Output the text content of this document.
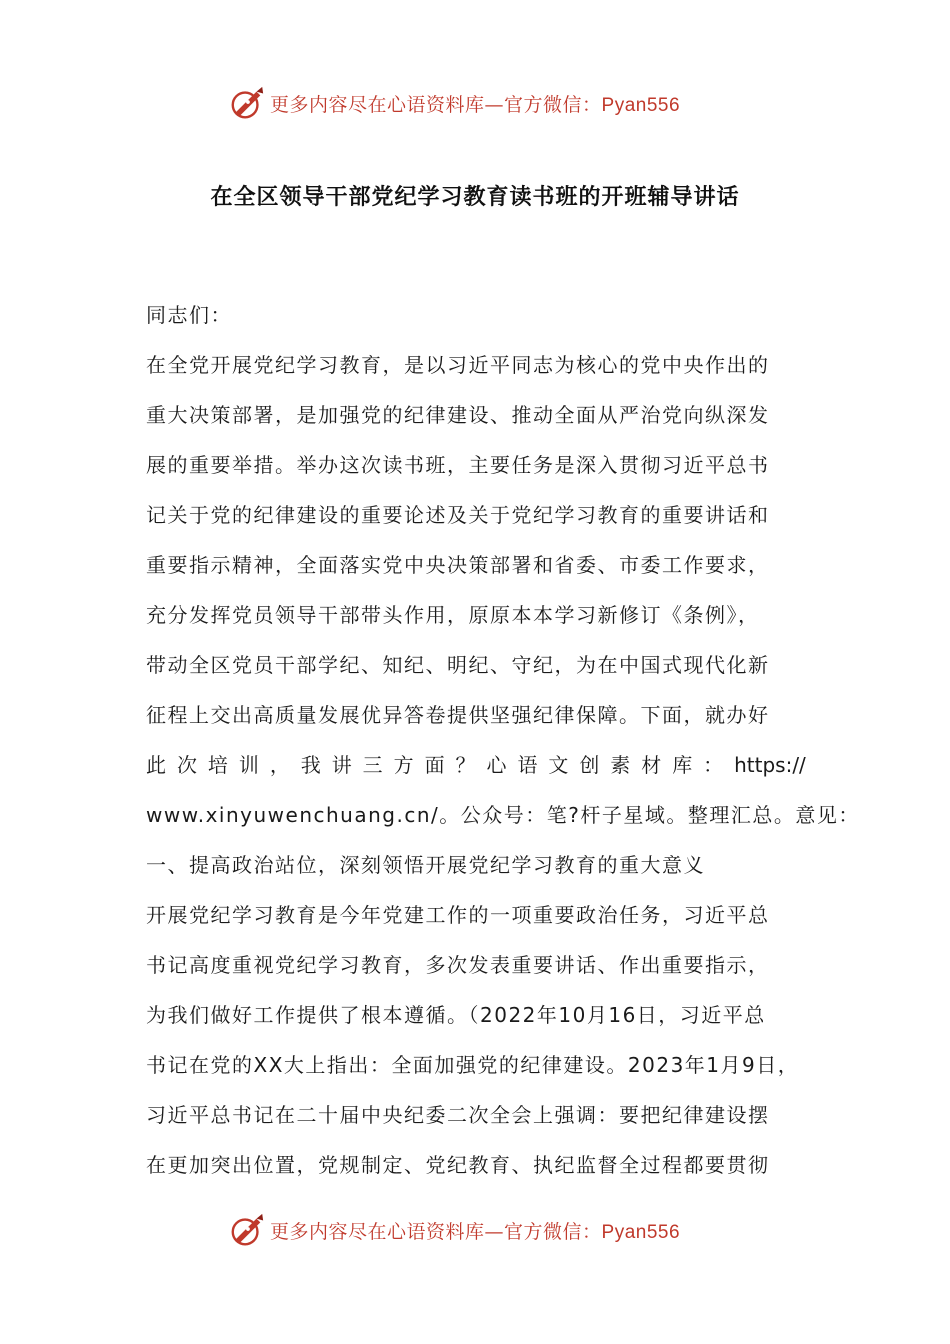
更多内容尽在心语资料库—官方微信：Pyan556
在全区领导干部党纪学习教育读书班的开班辅导讲话
同志们：
在全党开展党纪学习教育，是以习近平同志为核心的党中央作出的
重大决策部署，是加强党的纪律建设、推动全面从严治党向纵深发
展的重要举措。举办这次读书班，主要任务是深入贯彻习近平总书
记关于党的纪律建设的重要论述及关于党纪学习教育的重要讲话和
重要指示精神，全面落实党中央决策部署和省委、市委工作要求，
充分发挥党员领导干部带头作用，原原本本学习新修订《条例》，
带动全区党员干部学纪、知纪、明纪、守纪，为在中国式现代化新
征程上交出高质量发展优异答卷提供坚强纪律保障。下面，就办好
此 次 培 训 ， 我 讲 三 方 面 ？ 心 语 文 创 素 材 库 ： https://
www.xinyuwenchuang.cn/。公众号：笔?杆子星域。整理汇总。意见：
一、提高政治站位，深刻领悟开展党纪学习教育的重大意义
开展党纪学习教育是今年党建工作的一项重要政治任务，习近平总
书记高度重视党纪学习教育，多次发表重要讲话、作出重要指示，
为我们做好工作提供了根本遵循。（2022年10月16日，习近平总
书记在党的XX大上指出：全面加强党的纪律建设。2023年1月9日，
习近平总书记在二十届中央纪委二次全会上强调：要把纪律建设摆
在更加突出位置，党规制定、党纪教育、执纪监督全过程都要贯彻
更多内容尽在心语资料库—官方微信：Pyan556
